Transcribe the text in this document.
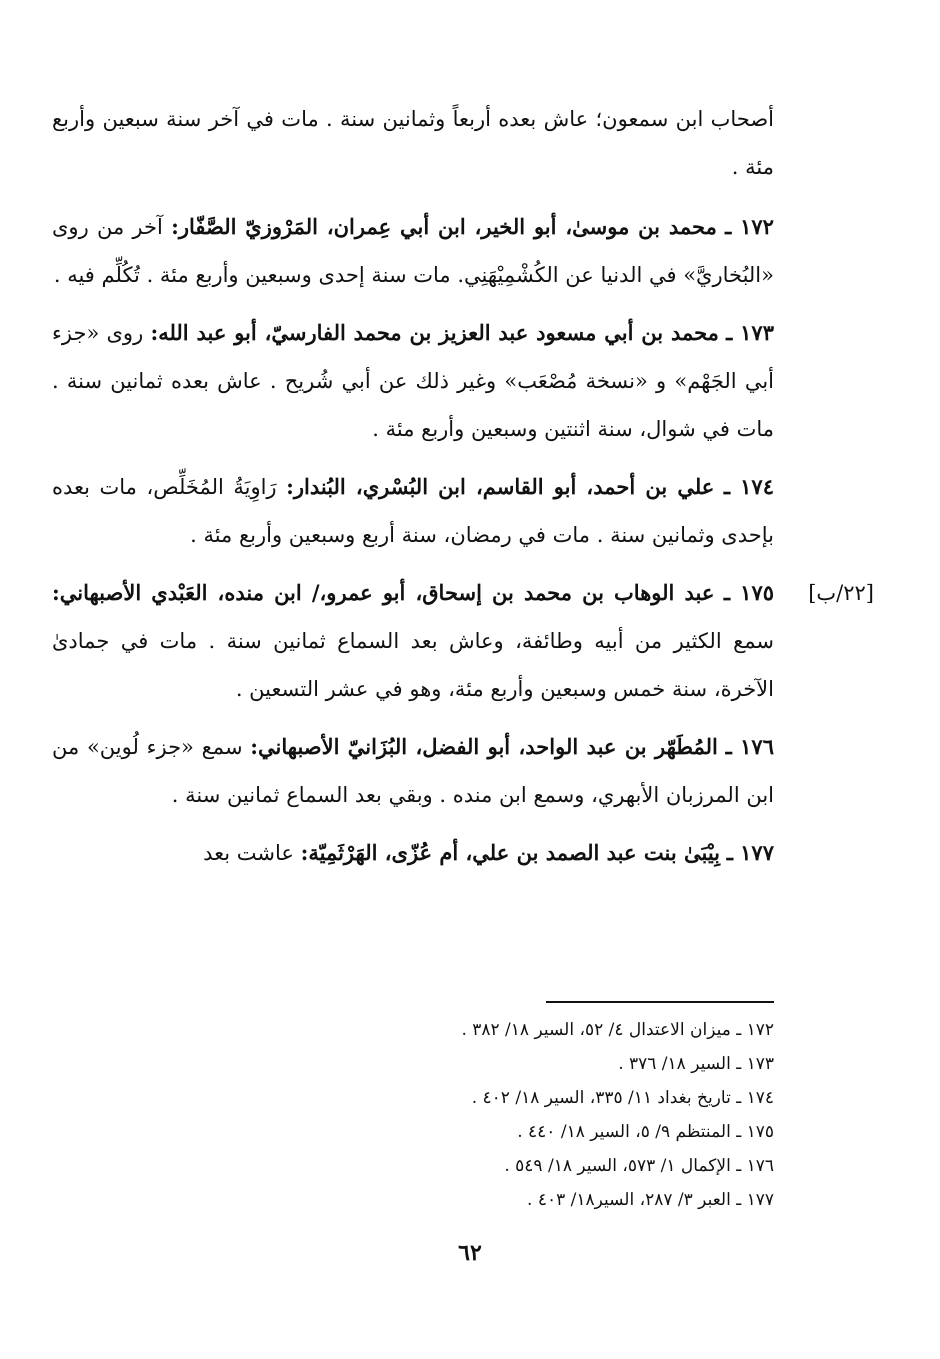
أصحاب ابن سمعون؛ عاش بعده أربعاً وثمانين سنة . مات في آخر سنة سبعين وأربع مئة .

١٧٢ ـ محمد بن موسىٰ، أبو الخير، ابن أبي عِمران، المَرْوزيّ الصَّفّار: آخر من روى «البُخاريَّ» في الدنيا عن الكُشْمِيْهَنِي. مات سنة إحدى وسبعين وأربع مئة . تُكُلِّم فيه .

١٧٣ ـ محمد بن أبي مسعود عبد العزيز بن محمد الفارسيّ، أبو عبد الله: روى «جزء أبي الجَهْم» و «نسخة مُصْعَب» وغير ذلك عن أبي شُريح . عاش بعده ثمانين سنة . مات في شوال، سنة اثنتين وسبعين وأربع مئة .

١٧٤ ـ علي بن أحمد، أبو القاسم، ابن البُسْري، البُندار: رَاوِيَةُ المُخَلِّص، مات بعده بإحدى وثمانين سنة . مات في رمضان، سنة أربع وسبعين وأربع مئة .

١٧٥ ـ عبد الوهاب بن محمد بن إسحاق، أبو عمرو،/ ابن منده، العَبْدي الأصبهاني: سمع الكثير من أبيه وطائفة، وعاش بعد السماع ثمانين سنة . مات في جمادىٰ الآخرة، سنة خمس وسبعين وأربع مئة، وهو في عشر التسعين .

١٧٦ ـ المُطَهّر بن عبد الواحد، أبو الفضل، البُزَانيّ الأصبهاني: سمع «جزء لُوين» من ابن المرزبان الأبهري، وسمع ابن منده . وبقي بعد السماع ثمانين سنة .

١٧٧ ـ بِيْبَىٰ بنت عبد الصمد بن علي، أم عُزّى، الهَرْثَمِيّة: عاشت بعد

[٢٢/ب]
١٧٢ ـ ميزان الاعتدال ٤/ ٥٢، السير ١٨/ ٣٨٢ .
١٧٣ ـ السير ١٨/ ٣٧٦ .
١٧٤ ـ تاريخ بغداد ١١/ ٣٣٥، السير ١٨/ ٤٠٢ .
١٧٥ ـ المنتظم ٩/ ٥، السير ١٨/ ٤٤٠ .
١٧٦ ـ الإكمال ١/ ٥٧٣، السير ١٨/ ٥٤٩ .
١٧٧ ـ العبر ٣/ ٢٨٧، السير١٨/ ٤٠٣ .
٦٢
